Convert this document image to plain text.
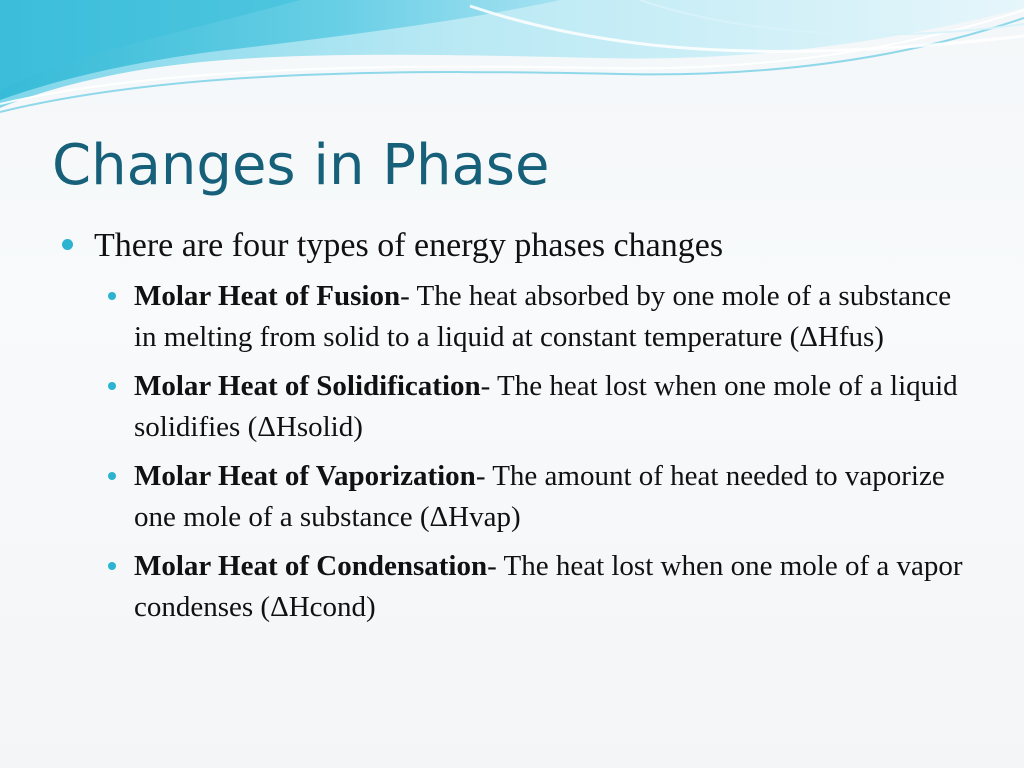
Changes in Phase
There are four types of energy phases changes
Molar Heat of Fusion- The heat absorbed by one mole of a substance in melting from solid to a liquid at constant temperature (ΔHfus)
Molar Heat of Solidification- The heat lost when one mole of a liquid solidifies (ΔHsolid)
Molar Heat of Vaporization- The amount of heat needed to vaporize one mole of a substance (ΔHvap)
Molar Heat of Condensation- The heat lost when one mole of a vapor condenses (ΔHcond)
